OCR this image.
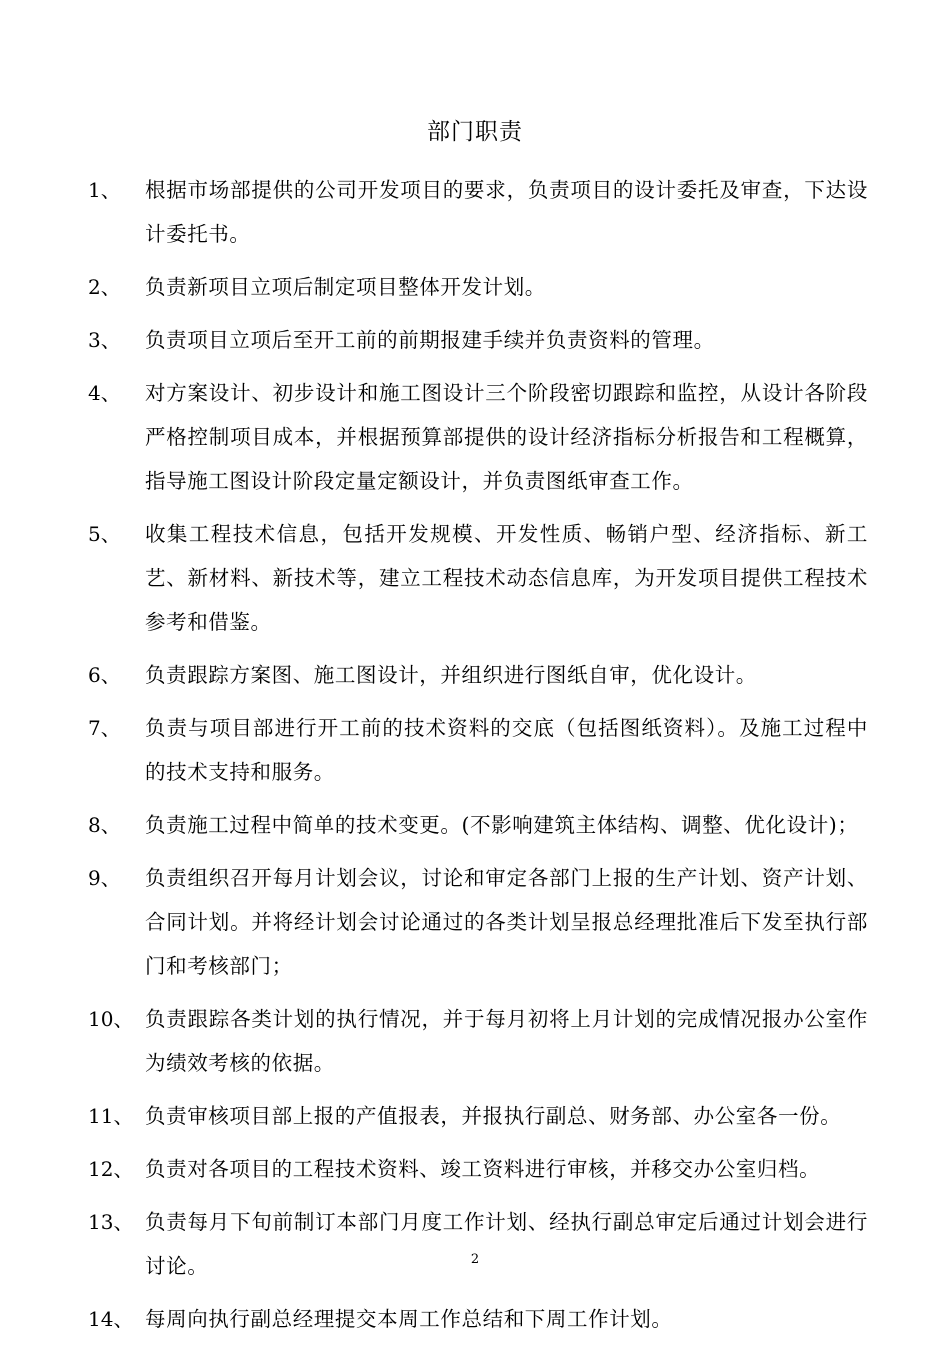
部门职责
1、	根据市场部提供的公司开发项目的要求，负责项目的设计委托及审查，下达设计委托书。
2、	负责新项目立项后制定项目整体开发计划。
3、	负责项目立项后至开工前的前期报建手续并负责资料的管理。
4、	对方案设计、初步设计和施工图设计三个阶段密切跟踪和监控，从设计各阶段严格控制项目成本，并根据预算部提供的设计经济指标分析报告和工程概算，指导施工图设计阶段定量定额设计，并负责图纸审查工作。
5、	收集工程技术信息，包括开发规模、开发性质、畅销户型、经济指标、新工艺、新材料、新技术等，建立工程技术动态信息库，为开发项目提供工程技术参考和借鉴。
6、	负责跟踪方案图、施工图设计，并组织进行图纸自审，优化设计。
7、	负责与项目部进行开工前的技术资料的交底（包括图纸资料）。及施工过程中的技术支持和服务。
8、	负责施工过程中简单的技术变更。(不影响建筑主体结构、调整、优化设计)；
9、	负责组织召开每月计划会议，讨论和审定各部门上报的生产计划、资产计划、合同计划。并将经计划会讨论通过的各类计划呈报总经理批准后下发至执行部门和考核部门；
10、 负责跟踪各类计划的执行情况，并于每月初将上月计划的完成情况报办公室作为绩效考核的依据。
11、 负责审核项目部上报的产值报表，并报执行副总、财务部、办公室各一份。
12、 负责对各项目的工程技术资料、竣工资料进行审核，并移交办公室归档。
13、 负责每月下旬前制订本部门月度工作计划、经执行副总审定后通过计划会进行讨论。
14、 每周向执行副总经理提交本周工作总结和下周工作计划。
2
